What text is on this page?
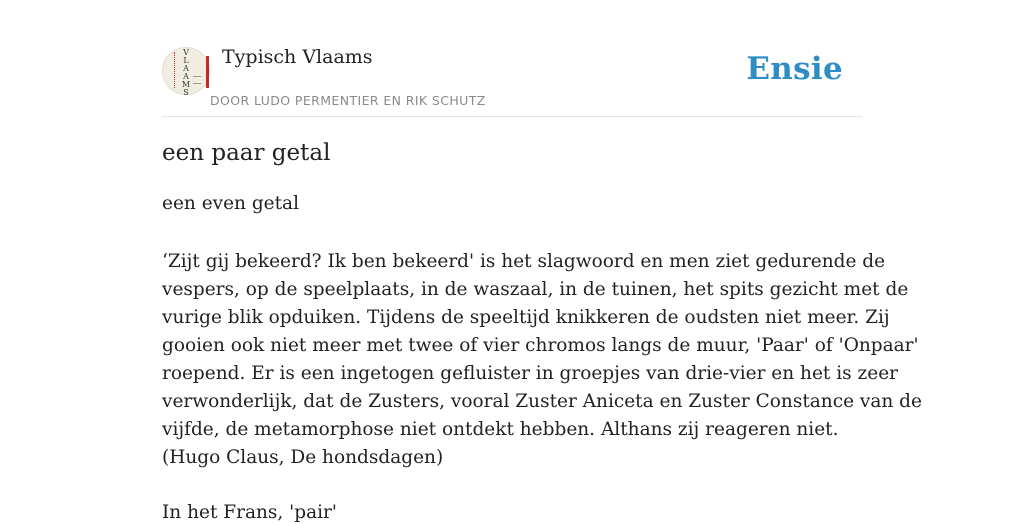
V
L
A
A
M
S
Typisch Vlaams
DOOR LUDO PERMENTIER EN RIK SCHUTZ
Ensie
een paar getal
een even getal
‘Zijt gij bekeerd? Ik ben bekeerd' is het slagwoord en men ziet gedurende de
vespers, op de speelplaats, in de waszaal, in de tuinen, het spits gezicht met de
vurige blik opduiken. Tijdens de speeltijd knikkeren de oudsten niet meer. Zij
gooien ook niet meer met twee of vier chromos langs de muur, 'Paar' of 'Onpaar'
roepend. Er is een ingetogen gefluister in groepjes van drie-vier en het is zeer
verwonderlijk, dat de Zusters, vooral Zuster Aniceta en Zuster Constance van de
vijfde, de metamorphose niet ontdekt hebben. Althans zij reageren niet.
(Hugo Claus, De hondsdagen)
In het Frans, 'pair'
